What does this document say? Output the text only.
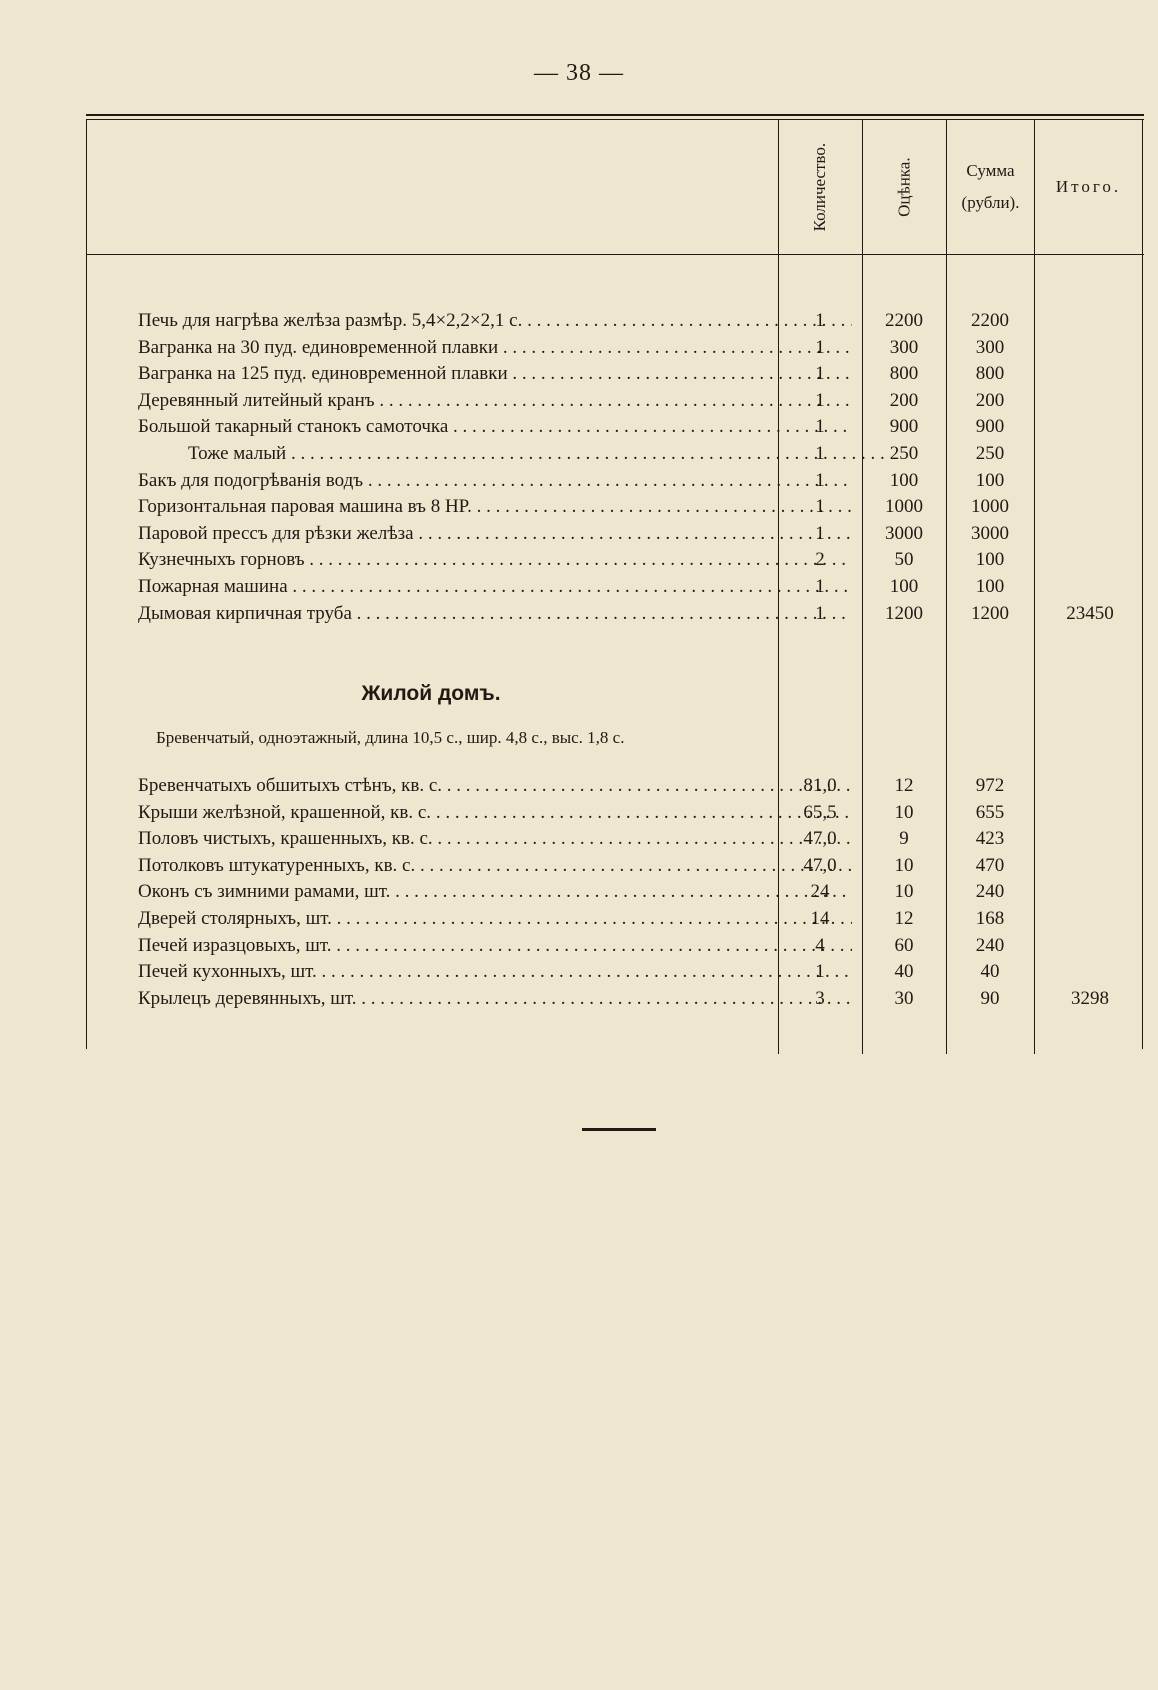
— 38 —
Количество.	Оцѣнка.	Сумма
(рубли).
Итого.
Печь для нагрѣва желѣза размѣр. 5,4×2,2×2,1 с. . . .	1	2200	2200
Вагранка на 30 пуд. единовременной плавки . . .	1	300	300
Вагранка на 125 пуд. единовременной плавки . . .	1	800	800
Деревянный литейный кранъ . . .	1	200	200
Большой такарный станокъ самоточка . . .	1	900	900
Тоже малый . . .	1	250	250
Бакъ для подогрѣванія водъ . . .	1	100	100
Горизонтальная паровая машина въ 8 HP. . . .	1	1000	1000
Паровой прессъ для рѣзки желѣза . . .	1	3000	3000
Кузнечныхъ горновъ . . .	2	50	100
Пожарная машина . . .	1	100	100
Дымовая кирпичная труба . . .	1	1200	1200	23450
Жилой домъ.
Бревенчатый, одноэтажный, длина 10,5 с., шир. 4,8 с., выс. 1,8 с.
Бревенчатыхъ обшитыхъ стѣнъ, кв. с. . . .	81,0	12	972
Крыши желѣзной, крашенной, кв. с. . . .	65,5	10	655
Половъ чистыхъ, крашенныхъ, кв. с. . . .	47,0	9	423
Потолковъ штукатуренныхъ, кв. с. . . .	47,0	10	470
Оконъ съ зимними рамами, шт. . . .	24	10	240
Дверей столярныхъ, шт. . . .	14	12	168
Печей изразцовыхъ, шт. . . .	4	60	240
Печей кухонныхъ, шт. . . .	1	40	40
Крылецъ деревянныхъ, шт. . . .	3	30	90	3298
